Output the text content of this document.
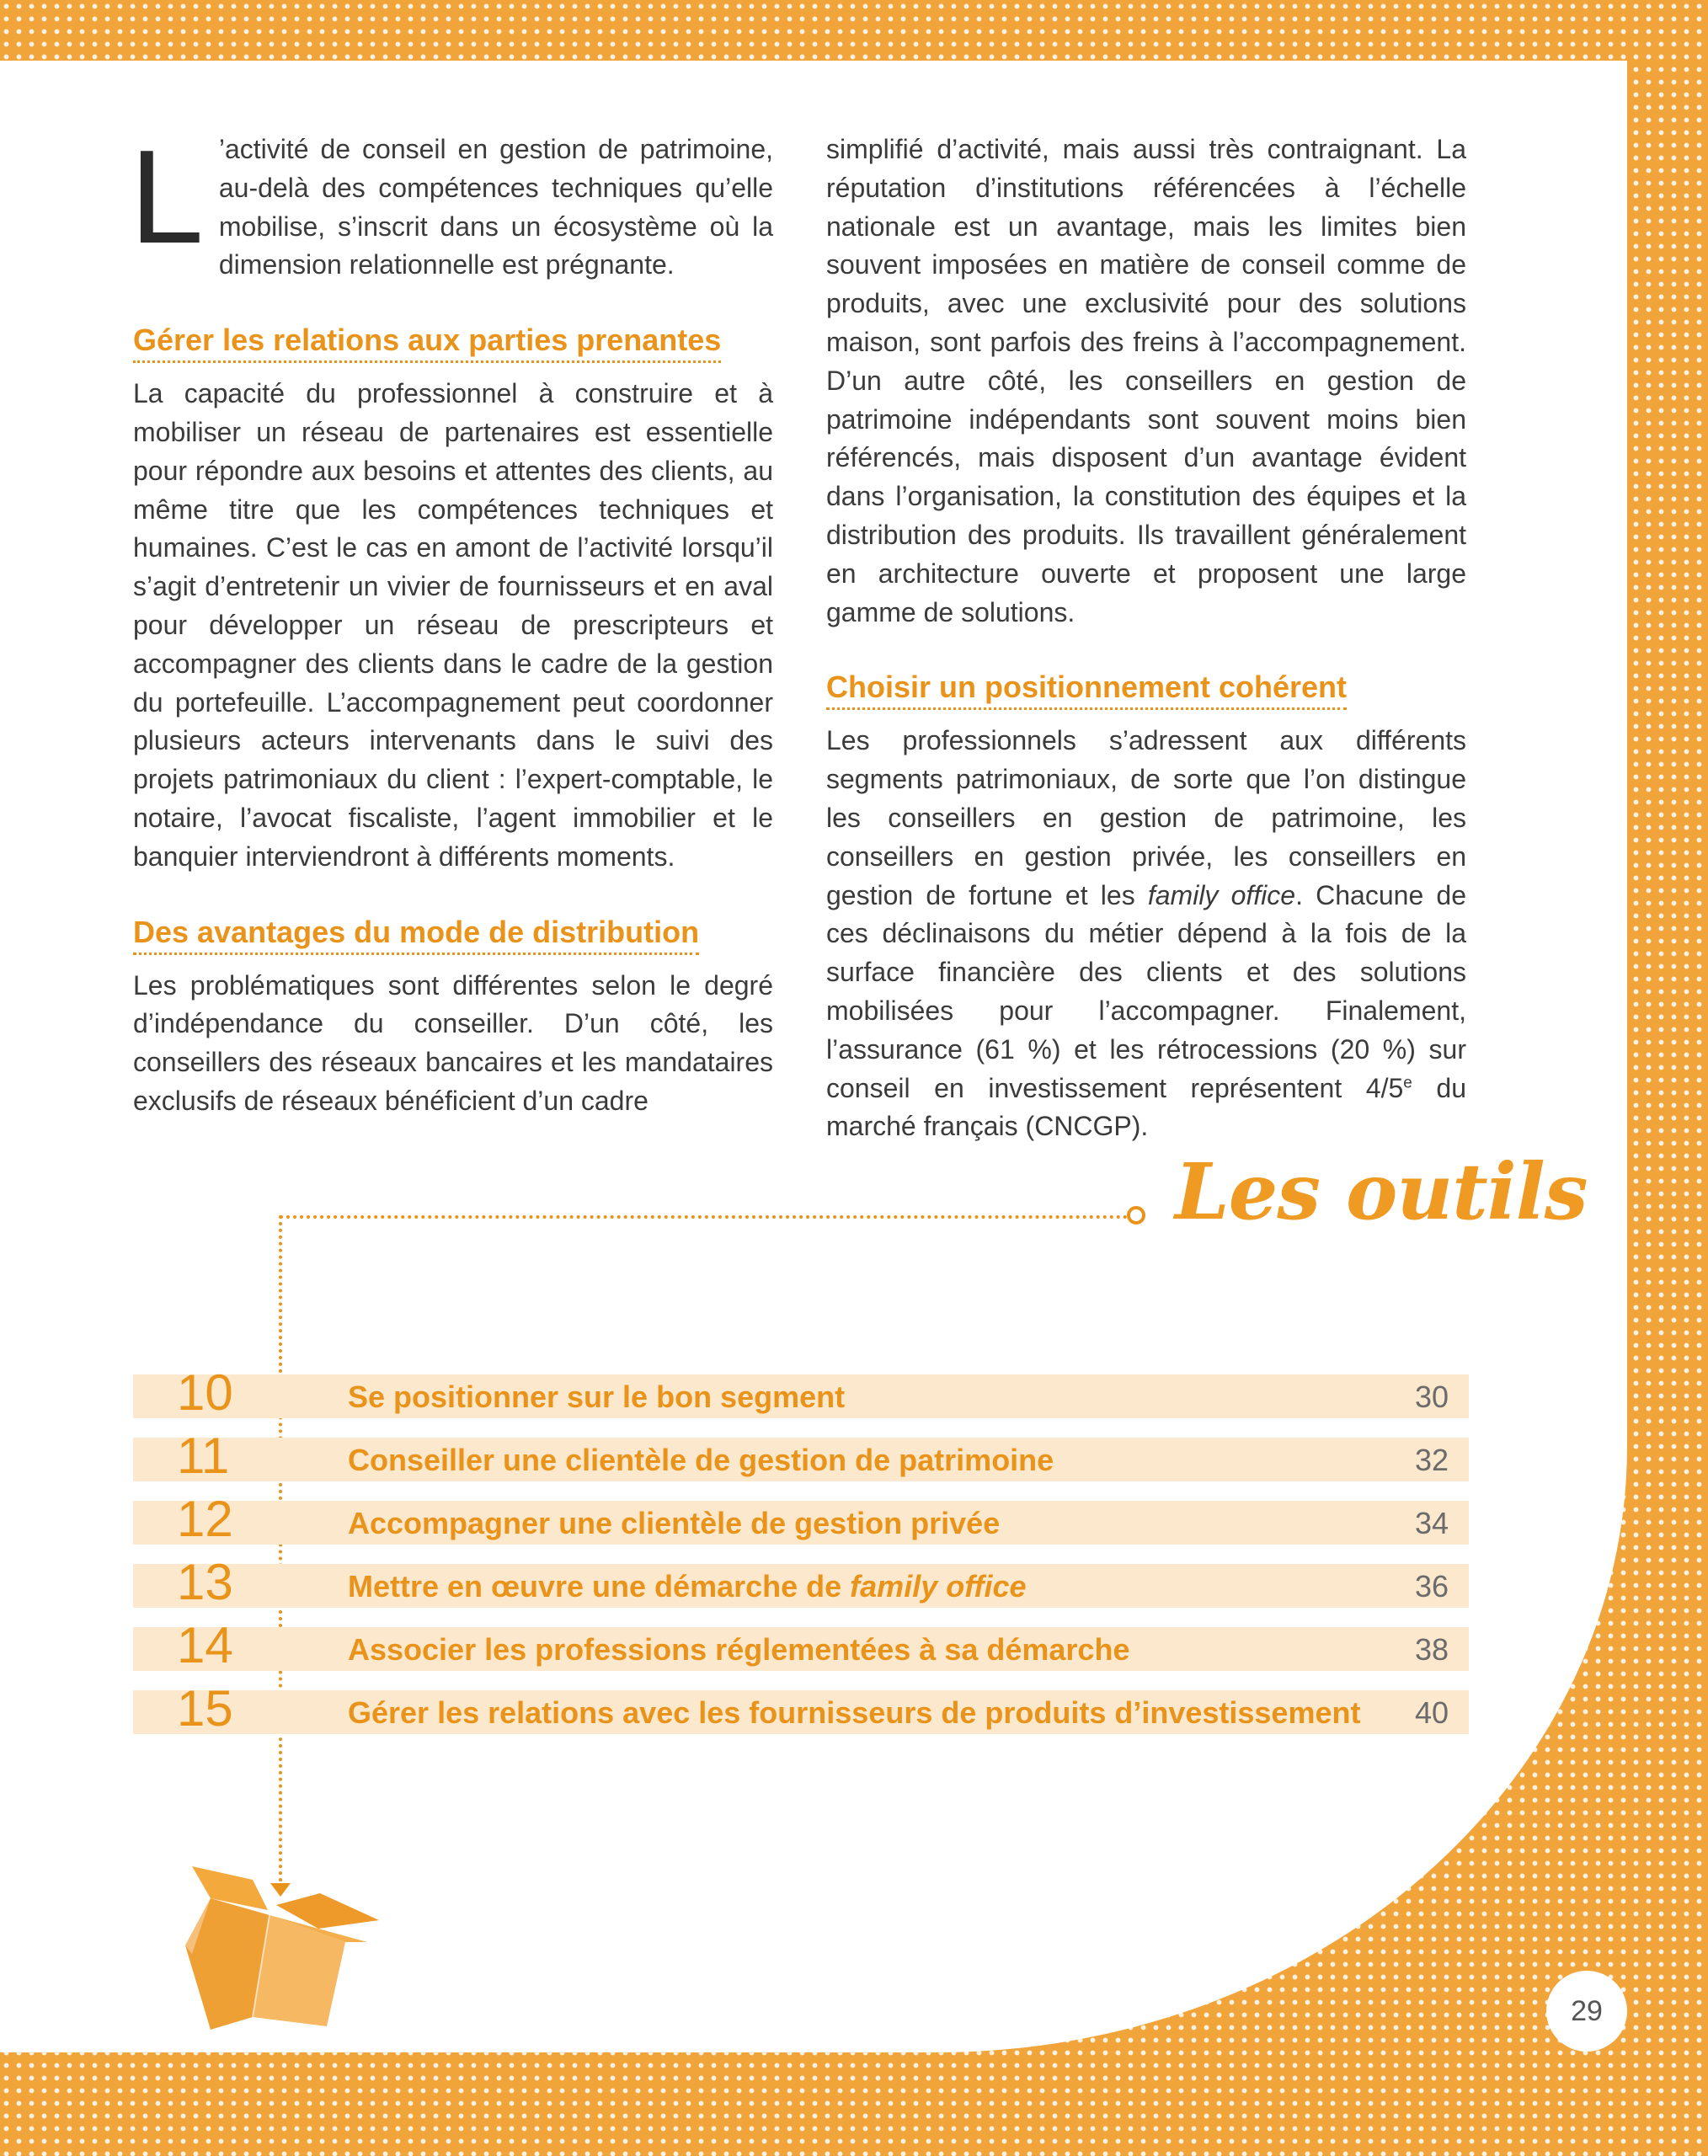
L ’activité de conseil en gestion de patrimoine, au-delà des compétences techniques qu’elle mobilise, s’inscrit dans un écosystème où la dimension relationnelle est prégnante.

Gérer les relations aux parties prenantes

La capacité du professionnel à construire et à mobiliser un réseau de partenaires est essentielle pour répondre aux besoins et attentes des clients, au même titre que les compétences techniques et humaines. C’est le cas en amont de l’activité lorsqu’il s’agit d’entretenir un vivier de fournisseurs et en aval pour développer un réseau de prescripteurs et accompagner des clients dans le cadre de la gestion du portefeuille. L’accompagnement peut coordonner plusieurs acteurs intervenants dans le suivi des projets patrimoniaux du client : l’expert-comptable, le notaire, l’avocat fiscaliste, l’agent immobilier et le banquier interviendront à différents moments.

Des avantages du mode de distribution

Les problématiques sont différentes selon le degré d’indépendance du conseiller. D’un côté, les conseillers des réseaux bancaires et les mandataires exclusifs de réseaux bénéficient d’un cadre

simplifié d’activité, mais aussi très contraignant. La réputation d’institutions référencées à l’échelle nationale est un avantage, mais les limites bien souvent imposées en matière de conseil comme de produits, avec une exclusivité pour des solutions maison, sont parfois des freins à l’accompagnement. D’un autre côté, les conseillers en gestion de patrimoine indépendants sont souvent moins bien référencés, mais disposent d’un avantage évident dans l’organisation, la constitution des équipes et la distribution des produits. Ils travaillent généralement en architecture ouverte et proposent une large gamme de solutions.

Choisir un positionnement cohérent

Les professionnels s’adressent aux différents segments patrimoniaux, de sorte que l’on distingue les conseillers en gestion de patrimoine, les conseillers en gestion privée, les conseillers en gestion de fortune et les family office. Chacune de ces déclinaisons du métier dépend à la fois de la surface financière des clients et des solutions mobilisées pour l’accompagner. Finalement, l’assurance (61 %) et les rétrocessions (20 %) sur conseil en investissement représentent 4/5e du marché français (CNCGP).

Les outils
10	Se positionner sur le bon segment	30
11	Conseiller une clientèle de gestion de patrimoine	32
12	Accompagner une clientèle de gestion privée	34
13	Mettre en œuvre une démarche de family office	36
14	Associer les professions réglementées à sa démarche	38
15	Gérer les relations avec les fournisseurs de produits d’investissement 40
29
